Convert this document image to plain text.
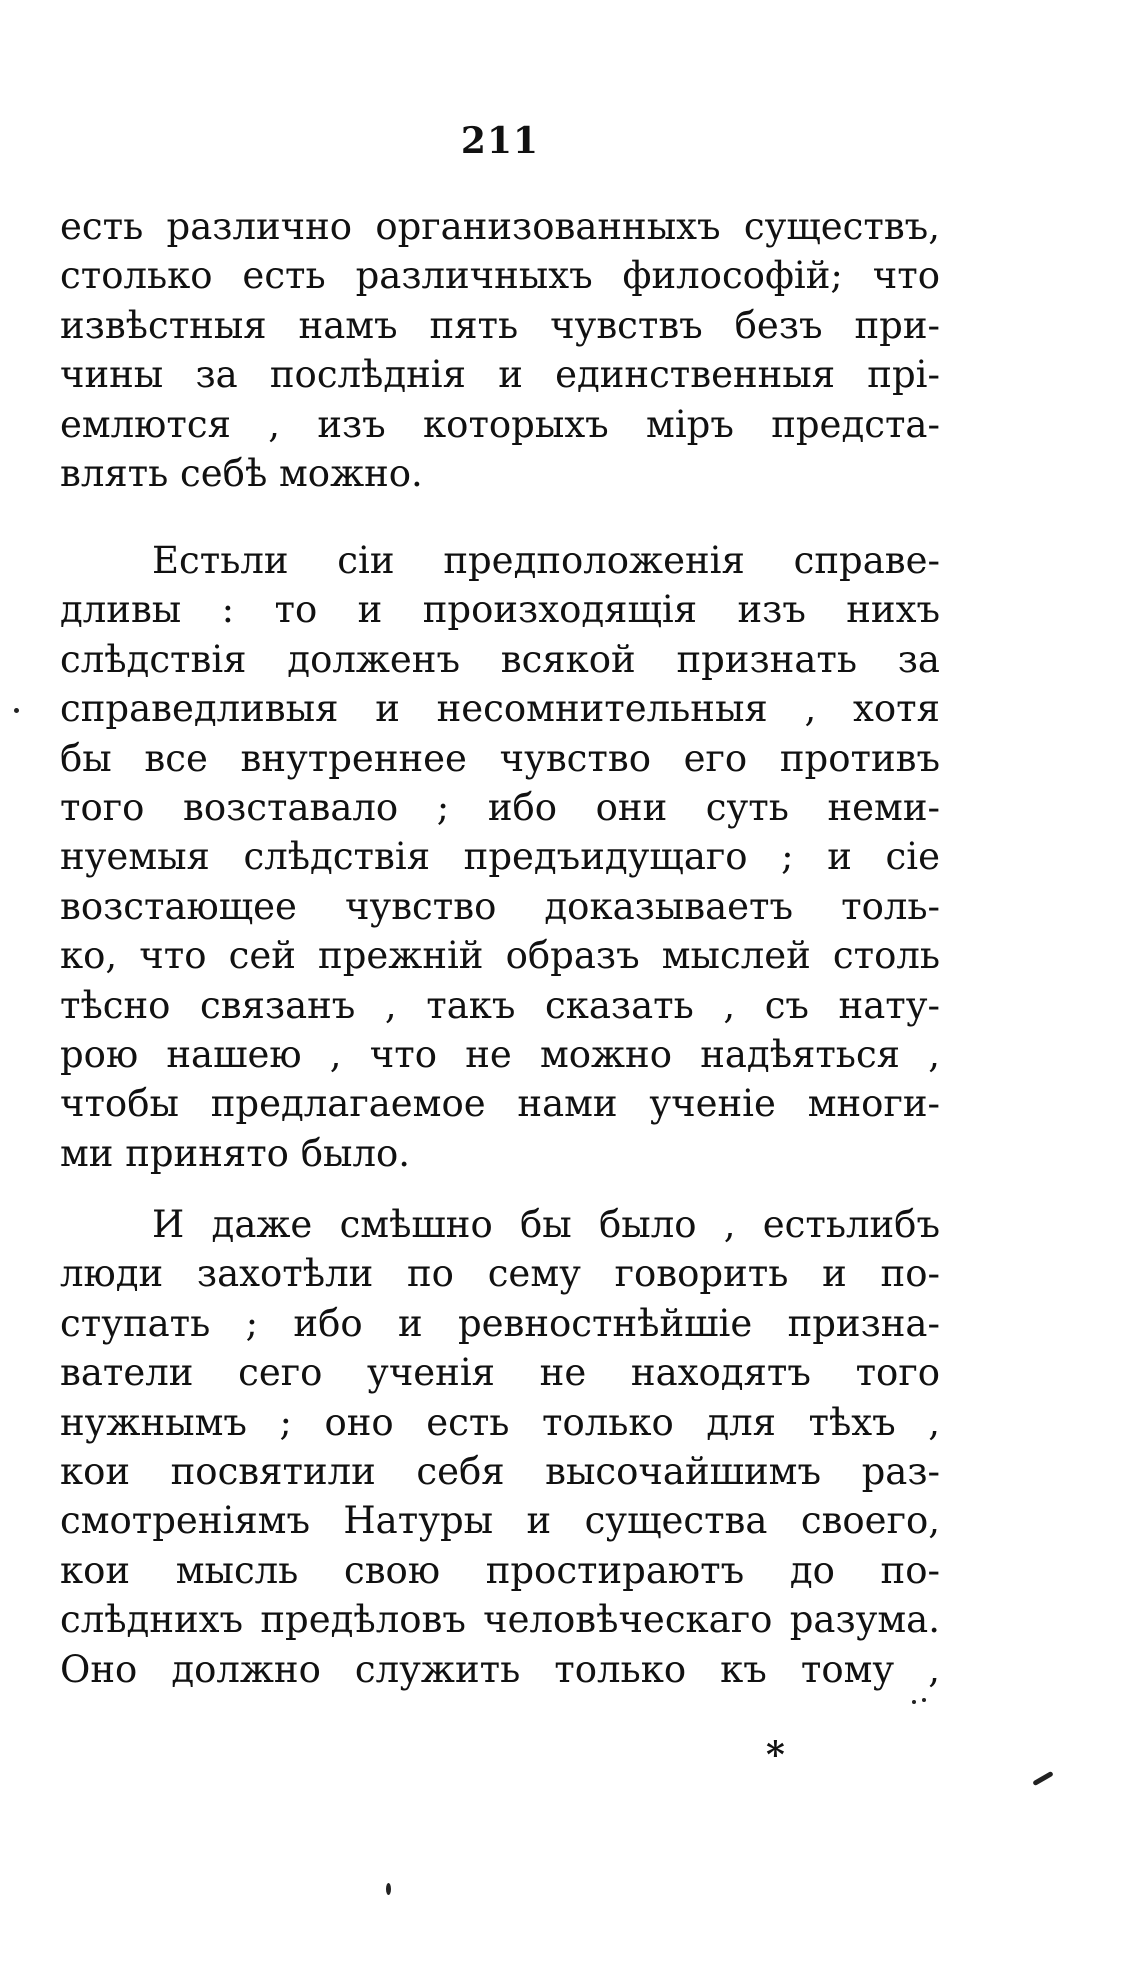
211
есть различно организованныхъ существъ,
столько есть различныхъ философій; что
извѣстныя намъ пять чувствъ безъ при-
чины за послѣднія и единственныя прі-
емлются , изъ которыхъ міръ предста-
влять себѣ можно.
Естьли сіи предположенія справе-
дливы : то и произходящія изъ нихъ
слѣдствія долженъ всякой признать за
справедливыя и несомнительныя , хотя
бы все внутреннее чувство его противъ
того возставало ; ибо они суть неми-
нуемыя слѣдствія предъидущаго ; и сіе
возстающее чувство доказываетъ толь-
ко, что сей прежній образъ мыслей столь
тѣсно связанъ , такъ сказать , съ нату-
рою нашею , что не можно надѣяться ,
чтобы предлагаемое нами ученіе многи-
ми принято было.
И даже смѣшно бы было , естьлибъ
люди захотѣли по сему говорить и по-
ступать ; ибо и ревностнѣйшіе призна-
ватели сего ученія не находятъ того
нужнымъ ; оно есть только для тѣхъ ,
кои посвятили себя высочайшимъ раз-
смотреніямъ Натуры и существа своего,
кои мысль свою простираютъ до по-
слѣднихъ предѣловъ человѣческаго разума.
Оно должно служить только къ тому ,
*
